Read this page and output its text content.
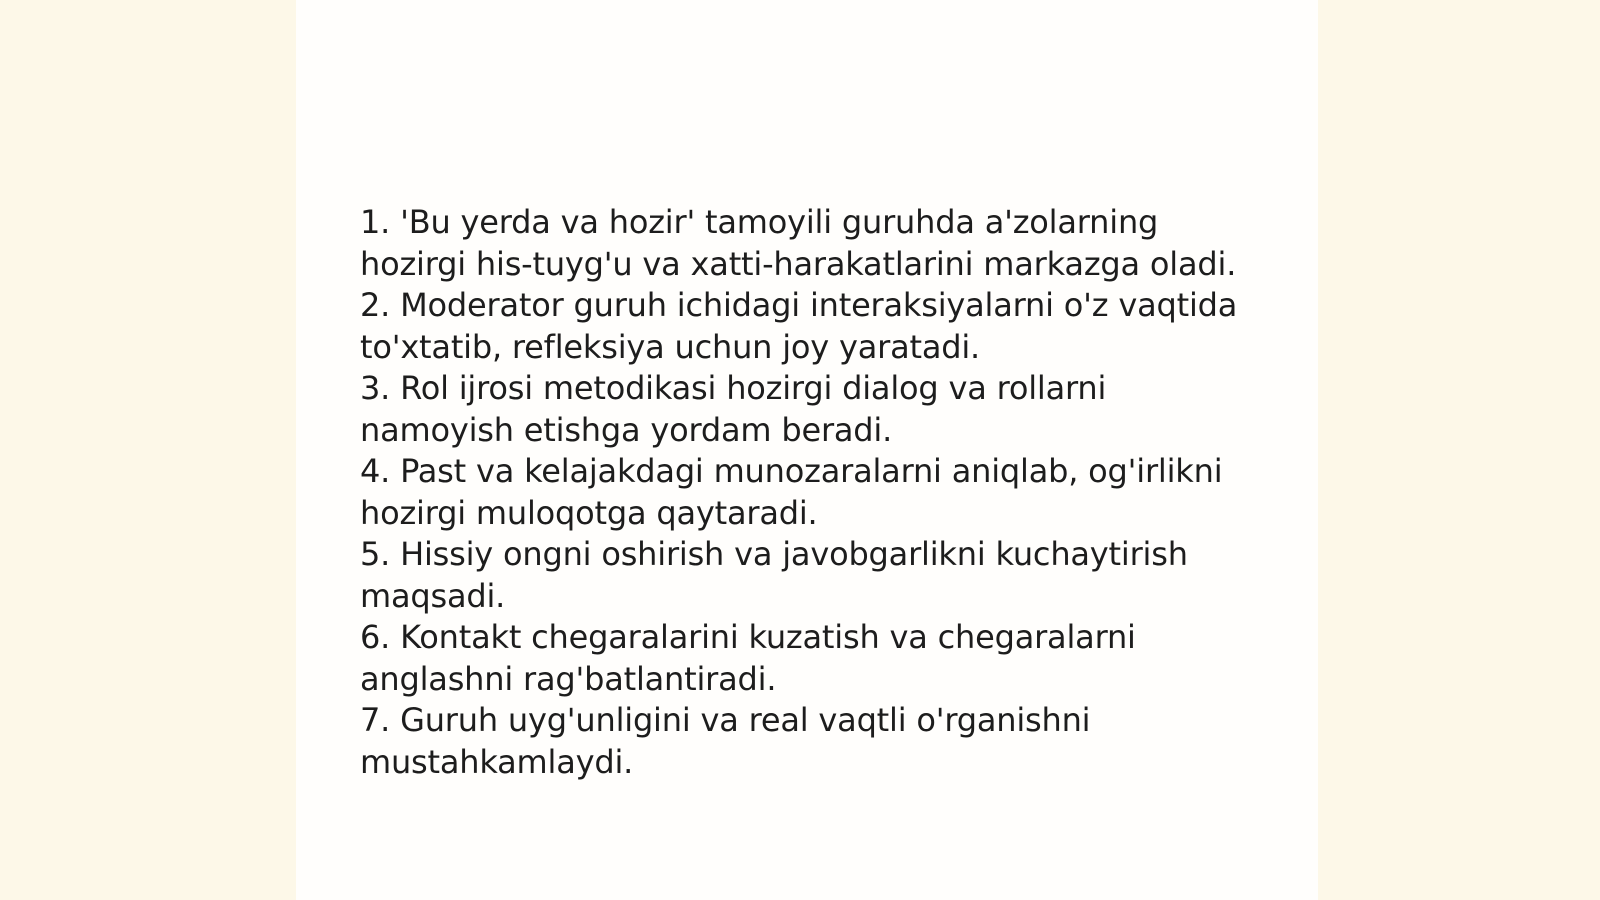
1. 'Bu yerda va hozir' tamoyili guruhda a'zolarning hozirgi his-tuyg'u va xatti-harakatlarini markazga oladi.
2. Moderator guruh ichidagi interaksiyalarni o'z vaqtida to'xtatib, refleksiya uchun joy yaratadi.
3. Rol ijrosi metodikasi hozirgi dialog va rollarni namoyish etishga yordam beradi.
4. Past va kelajakdagi munozaralarni aniqlab, og'irlikni hozirgi muloqotga qaytaradi.
5. Hissiy ongni oshirish va javobgarlikni kuchaytirish maqsadi.
6. Kontakt chegaralarini kuzatish va chegaralarni anglashni rag'batlantiradi.
7. Guruh uyg'unligini va real vaqtli o'rganishni mustahkamlaydi.
